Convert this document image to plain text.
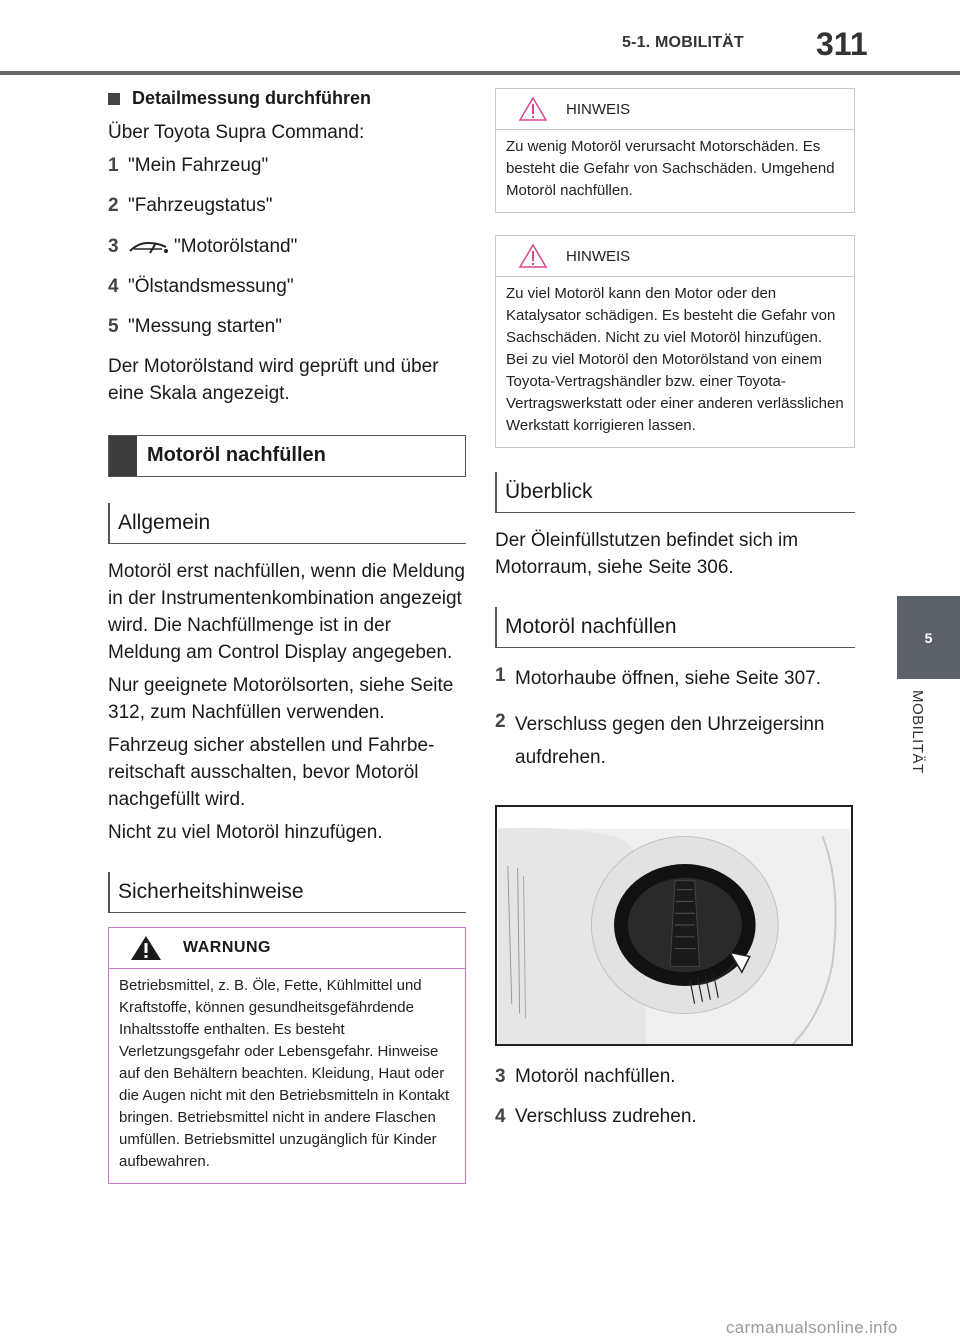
5-1. MOBILITÄT 311
5
MOBILITÄT
Detailmessung durchführen

Über Toyota Supra Command:

1 "Mein Fahrzeug"
2 "Fahrzeugstatus"
3	"Motorölstand"
4 "Ölstandsmessung"
5 "Messung starten"

Der Motorölstand wird geprüft und über eine Skala angezeigt.

Motoröl nachfüllen
Allgemein

Motoröl erst nachfüllen, wenn die Meldung in der Instrumentenkombination angezeigt wird. Die Nachfüllmenge ist in der Meldung am Control Display angegeben.

Nur geeignete Motorölsorten, siehe Seite 312, zum Nachfüllen verwenden.

Fahrzeug sicher abstellen und Fahrbereitschaft ausschalten, bevor Motoröl nachgefüllt wird.

Nicht zu viel Motoröl hinzufügen.

Sicherheitshinweise
WARNUNG
Betriebsmittel, z. B. Öle, Fette, Kühlmittel und Kraftstoffe, können gesundheitsgefährdende Inhaltsstoffe enthalten. Es besteht Verletzungsgefahr oder Lebensgefahr. Hinweise auf den Behältern beachten. Kleidung, Haut oder die Augen nicht mit den Betriebsmitteln in Kontakt bringen. Betriebsmittel nicht in andere Flaschen umfüllen. Betriebsmittel unzugänglich für Kinder aufbewahren.
HINWEIS
Zu wenig Motoröl verursacht Motorschäden. Es besteht die Gefahr von Sachschäden. Umgehend Motoröl nachfüllen.
HINWEIS
Zu viel Motoröl kann den Motor oder den Katalysator schädigen. Es besteht die Gefahr von Sachschäden. Nicht zu viel Motoröl hinzufügen. Bei zu viel Motoröl den Motorölstand von einem Toyota-Vertragshändler bzw. einer Toyota-Vertragswerkstatt oder einer anderen verlässlichen Werkstatt korrigieren lassen.
Überblick

Der Öleinfüllstutzen befindet sich im Motorraum, siehe Seite 306.

Motoröl nachfüllen
1 Motorhaube öffnen, siehe Seite 307.
2 Verschluss gegen den Uhrzeigersinn aufdrehen.
3 Motoröl nachfüllen.
4 Verschluss zudrehen.
carmanualsonline.info
